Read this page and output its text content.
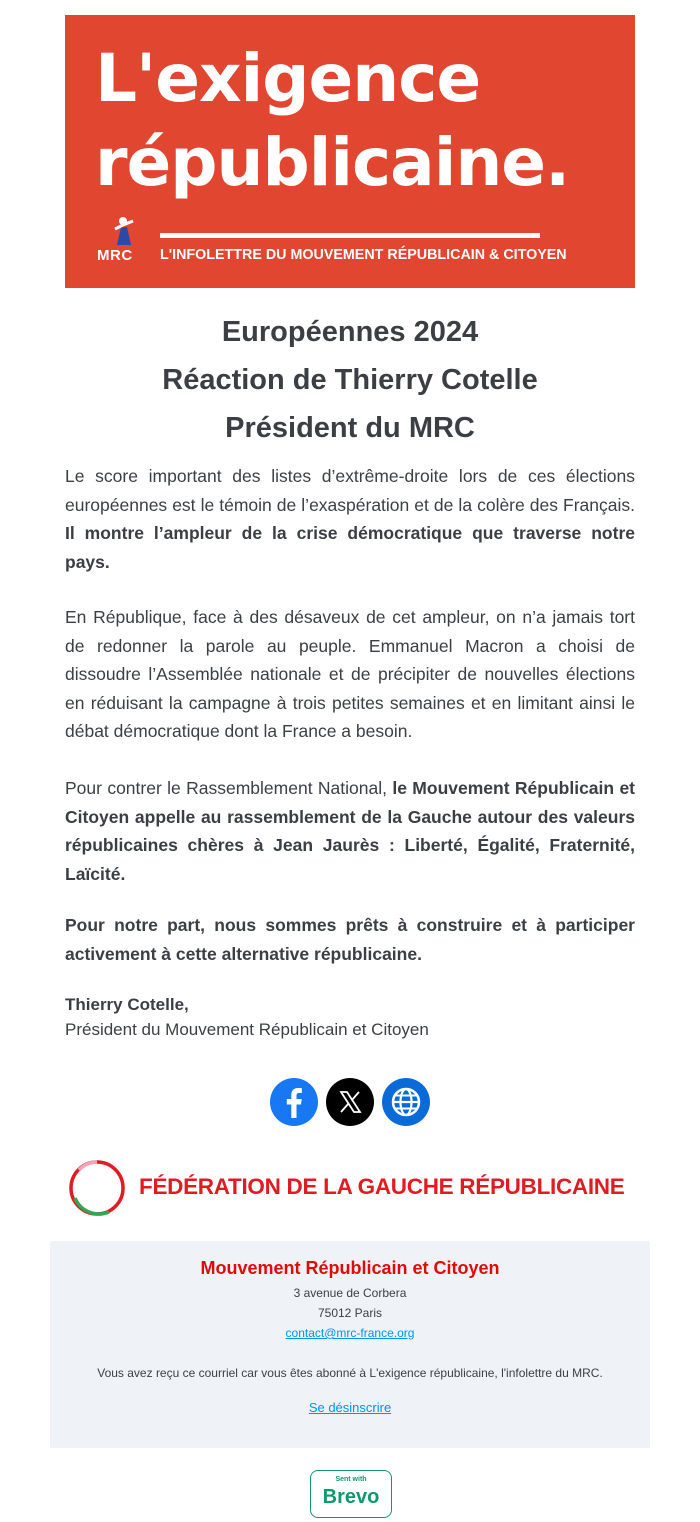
L'exigence
républicaine.
MRC L'INFOLETTRE DU MOUVEMENT RÉPUBLICAIN & CITOYEN
Européennes 2024
Réaction de Thierry Cotelle
Président du MRC

Le score important des listes d’extrême-droite lors de ces élections européennes est le témoin de l’exaspération et de la colère des Français. Il montre l’ampleur de la crise démocratique que traverse notre pays.

En République, face à des désaveux de cet ampleur, on n’a jamais tort de redonner la parole au peuple. Emmanuel Macron a choisi de dissoudre l’Assemblée nationale et de précipiter de nouvelles élections en réduisant la campagne à trois petites semaines et en limitant ainsi le débat démocratique dont la France a besoin.

Pour contrer le Rassemblement National, le Mouvement Républicain et Citoyen appelle au rassemblement de la Gauche autour des valeurs républicaines chères à Jean Jaurès : Liberté, Égalité, Fraternité, Laïcité.

Pour notre part, nous sommes prêts à construire et à participer activement à cette alternative républicaine.

Thierry Cotelle,
Président du Mouvement Républicain et Citoyen
FÉDÉRATION DE LA GAUCHE RÉPUBLICAINE
Mouvement Républicain et Citoyen
3 avenue de Corbera
75012 Paris
contact@mrc-france.org
Vous avez reçu ce courriel car vous êtes abonné à L'exigence républicaine, l'infolettre du MRC.
Se désinscrire
Sent with
Brevo
